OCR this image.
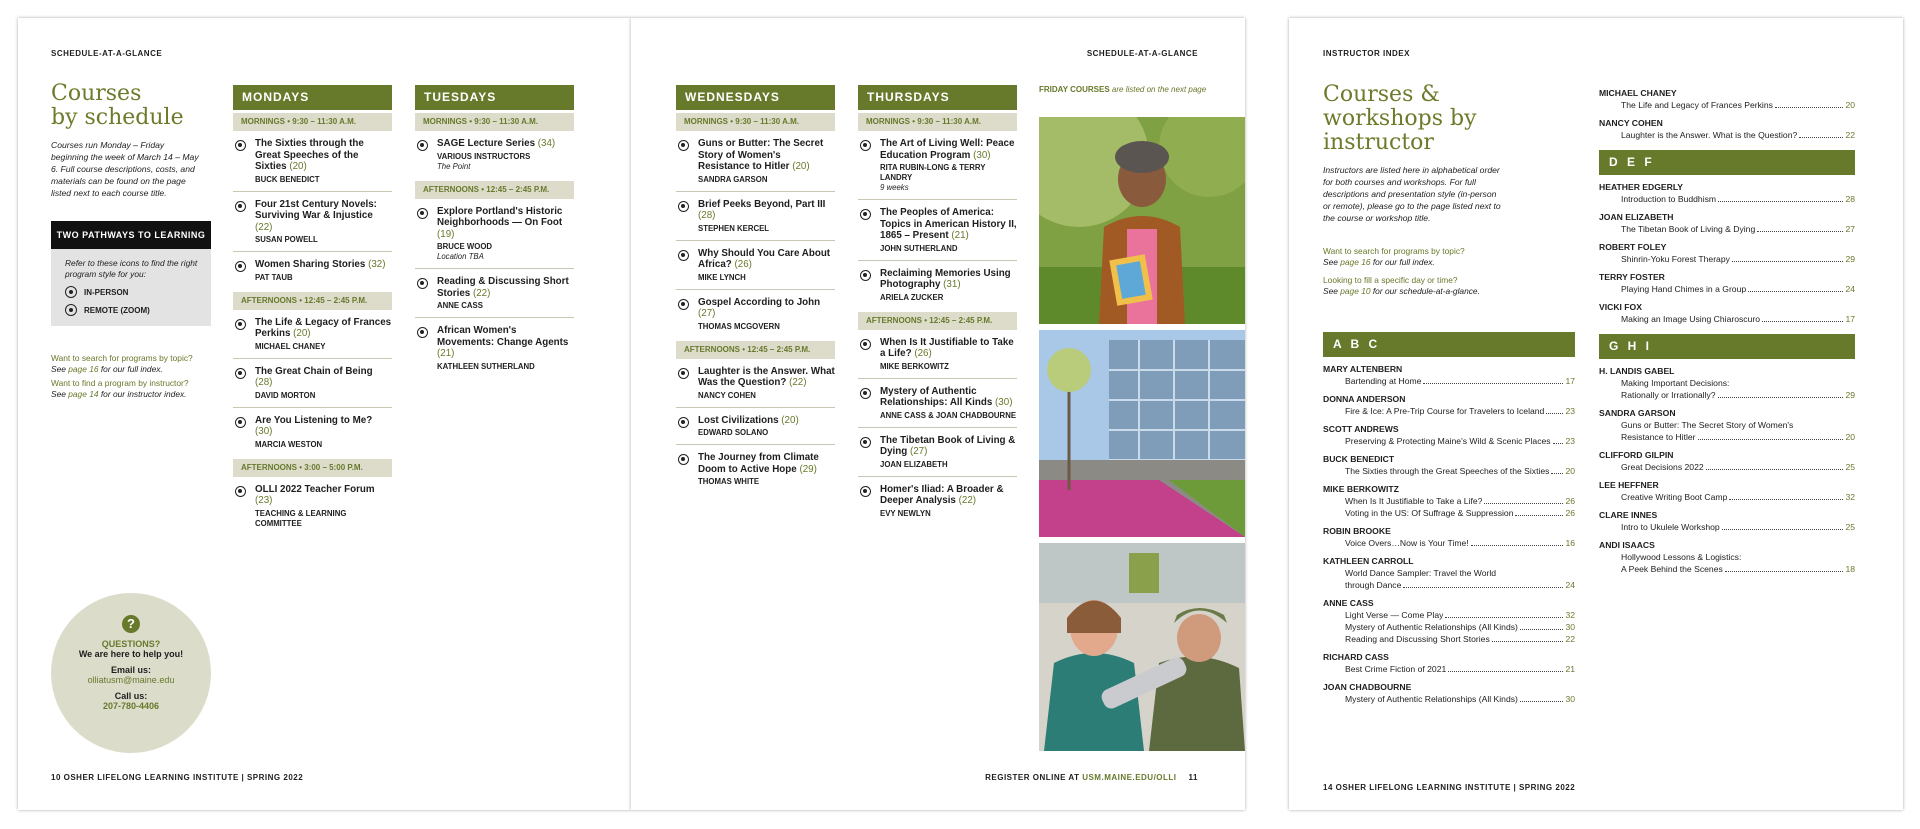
SCHEDULE-AT-A-GLANCE
Courses
by schedule
Courses run Monday – Friday beginning the week of March 14 – May 6. Full course descriptions, costs, and materials can be found on the page listed next to each course title.
TWO PATHWAYS TO LEARNING
Refer to these icons to find the right program style for you:
IN-PERSON
REMOTE (ZOOM)
Want to search for programs by topic?
See page 16 for our full index.
Want to find a program by instructor?
See page 14 for our instructor index.
?
QUESTIONS?
We are here to help you!
Email us:
olliatusm@maine.edu
Call us:
207-780-4406
10 OSHER LIFELONG LEARNING INSTITUTE | SPRING 2022
MONDAYS
MORNINGS • 9:30 – 11:30 A.M.
The Sixties through the Great Speeches of the Sixties (20)
BUCK BENEDICT
Four 21st Century Novels: Surviving War & Injustice (22)
SUSAN POWELL
Women Sharing Stories (32)
PAT TAUB
AFTERNOONS • 12:45 – 2:45 P.M.
The Life & Legacy of Frances Perkins (20)
MICHAEL CHANEY
The Great Chain of Being (28)
DAVID MORTON
Are You Listening to Me? (30)
MARCIA WESTON
AFTERNOONS • 3:00 – 5:00 P.M.
OLLI 2022 Teacher Forum (23)
TEACHING & LEARNING COMMITTEE
TUESDAYS
MORNINGS • 9:30 – 11:30 A.M.
SAGE Lecture Series (34)
VARIOUS INSTRUCTORS
The Point
AFTERNOONS • 12:45 – 2:45 P.M.
Explore Portland's Historic Neighborhoods — On Foot (19)
BRUCE WOOD
Location TBA
Reading & Discussing Short Stories (22)
ANNE CASS
African Women's Movements: Change Agents (21)
KATHLEEN SUTHERLAND
SCHEDULE-AT-A-GLANCE
WEDNESDAYS
MORNINGS • 9:30 – 11:30 A.M.
Guns or Butter: The Secret Story of Women's Resistance to Hitler (20)
SANDRA GARSON
Brief Peeks Beyond, Part III (28)
STEPHEN KERCEL
Why Should You Care About Africa? (26)
MIKE LYNCH
Gospel According to John (27)
THOMAS MCGOVERN
AFTERNOONS • 12:45 – 2:45 P.M.
Laughter is the Answer. What Was the Question? (22)
NANCY COHEN
Lost Civilizations (20)
EDWARD SOLANO
The Journey from Climate Doom to Active Hope (29)
THOMAS WHITE
THURSDAYS
MORNINGS • 9:30 – 11:30 A.M.
The Art of Living Well: Peace Education Program (30)
RITA RUBIN-LONG & TERRY LANDRY
9 weeks
The Peoples of America: Topics in American History II, 1865 – Present (21)
JOHN SUTHERLAND
Reclaiming Memories Using Photography (31)
ARIELA ZUCKER
AFTERNOONS • 12:45 – 2:45 P.M.
When Is It Justifiable to Take a Life? (26)
MIKE BERKOWITZ
Mystery of Authentic Relationships: All Kinds (30)
ANNE CASS & JOAN CHADBOURNE
The Tibetan Book of Living & Dying (27)
JOAN ELIZABETH
Homer's Iliad: A Broader & Deeper Analysis (22)
EVY NEWLYN
FRIDAY COURSES are listed on the next page
REGISTER ONLINE AT USM.MAINE.EDU/OLLI 11
INSTRUCTOR INDEX
Courses &
workshops by
instructor
Instructors are listed here in alphabetical order for both courses and workshops. For full descriptions and presentation style (in-person or remote), please go to the page listed next to the course or workshop title.
Want to search for programs by topic?
See page 16 for our full index.
Looking to fill a specific day or time?
See page 10 for our schedule-at-a-glance.
A B C
MARY ALTENBERN
Bartending at Home	17
DONNA ANDERSON
Fire & Ice: A Pre-Trip Course for Travelers to Iceland 23
SCOTT ANDREWS
Preserving & Protecting Maine's Wild & Scenic Places 23
BUCK BENEDICT
The Sixties through the Great Speeches of the Sixties 20
MIKE BERKOWITZ
When Is It Justifiable to Take a Life?	26
Voting in the US: Of Suffrage & Suppression	26
ROBIN BROOKE
Voice Overs…Now is Your Time!	16
KATHLEEN CARROLL
World Dance Sampler: Travel the World
through Dance	24
ANNE CASS
Light Verse — Come Play	32
Mystery of Authentic Relationships (All Kinds)	30
Reading and Discussing Short Stories	22
RICHARD CASS
Best Crime Fiction of 2021	21
JOAN CHADBOURNE
Mystery of Authentic Relationships (All Kinds)	30
MICHAEL CHANEY
The Life and Legacy of Frances Perkins	20
NANCY COHEN
Laughter is the Answer. What is the Question?	22
D E F
HEATHER EDGERLY
Introduction to Buddhism	28
JOAN ELIZABETH
The Tibetan Book of Living & Dying	27
ROBERT FOLEY
Shinrin-Yoku Forest Therapy	29
TERRY FOSTER
Playing Hand Chimes in a Group	24
VICKI FOX
Making an Image Using Chiaroscuro	17
G H I
H. LANDIS GABEL
Making Important Decisions:
Rationally or Irrationally?	29
SANDRA GARSON
Guns or Butter: The Secret Story of Women's
Resistance to Hitler	20
CLIFFORD GILPIN
Great Decisions 2022	25
LEE HEFFNER
Creative Writing Boot Camp	32
CLARE INNES
Intro to Ukulele Workshop	25
ANDI ISAACS
Hollywood Lessons & Logistics:
A Peek Behind the Scenes	18
14 OSHER LIFELONG LEARNING INSTITUTE | SPRING 2022
